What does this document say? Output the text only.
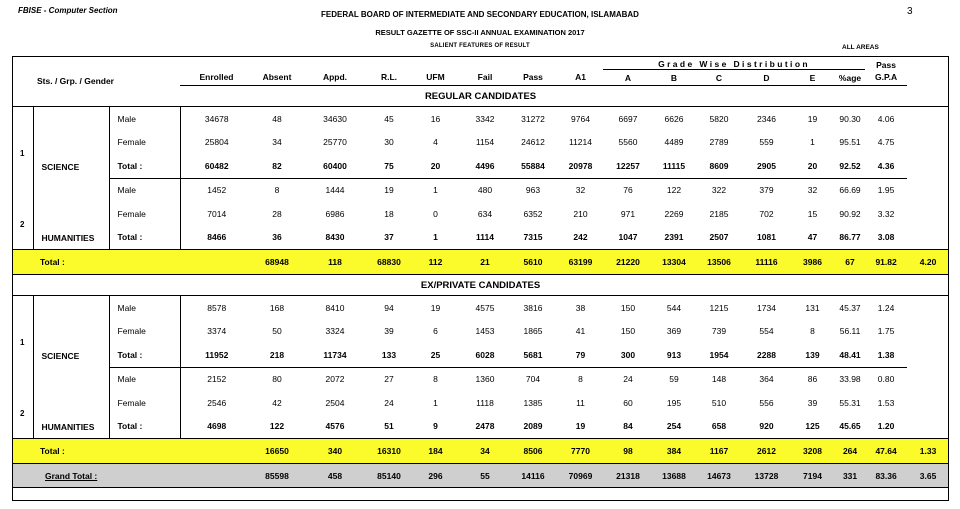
FBISE - Computer Section	3
FEDERAL BOARD OF INTERMEDIATE AND SECONDARY EDUCATION, ISLAMABAD
RESULT GAZETTE OF SSC-II ANNUAL EXAMINATION 2017
SALIENT FEATURES OF RESULT	ALL AREAS
Sts. / Grp. / Gender											Grade Wise Distribution						Pass	
			Enrolled	Absent	Appd.	R.L.	UFM	Fail	Pass	A1	A	B	C	D	E	%age	G.P.A	
REGULAR CANDIDATES																		
1	SCIENCE	Male	34678	48	34630	45	16	3342	31272	9764	6697	6626	5820	2346	19	90.30	4.06	
		Female	25804	34	25770	30	4	1154	24612	11214	5560	4489	2789	559	1	95.51	4.75	
		Total :	60482	82	60400	75	20	4496	55884	20978	12257	11115	8609	2905	20	92.52	4.36	
2	HUMANITIES	Male	1452	8	1444	19	1	480	963	32	76	122	322	379	32	66.69	1.95	
		Female	7014	28	6986	18	0	634	6352	210	971	2269	2185	702	15	90.92	3.32	
		Total :	8466	36	8430	37	1	1114	7315	242	1047	2391	2507	1081	47	86.77	3.08	
Total :				68948	118	68830	112	21	5610	63199	21220	13304	13506	11116	3986	67	91.82	4.20
EX/PRIVATE CANDIDATES																		
1	SCIENCE	Male	8578	168	8410	94	19	4575	3816	38	150	544	1215	1734	131	45.37	1.24	
		Female	3374	50	3324	39	6	1453	1865	41	150	369	739	554	8	56.11	1.75	
		Total :	11952	218	11734	133	25	6028	5681	79	300	913	1954	2288	139	48.41	1.38	
2	HUMANITIES	Male	2152	80	2072	27	8	1360	704	8	24	59	148	364	86	33.98	0.80	
		Female	2546	42	2504	24	1	1118	1385	11	60	195	510	556	39	55.31	1.53	
		Total :	4698	122	4576	51	9	2478	2089	19	84	254	658	920	125	45.65	1.20	
Total :				16650	340	16310	184	34	8506	7770	98	384	1167	2612	3208	264	47.64	1.33
Grand Total :				85598	458	85140	296	55	14116	70969	21318	13688	14673	13728	7194	331	83.36	3.65
